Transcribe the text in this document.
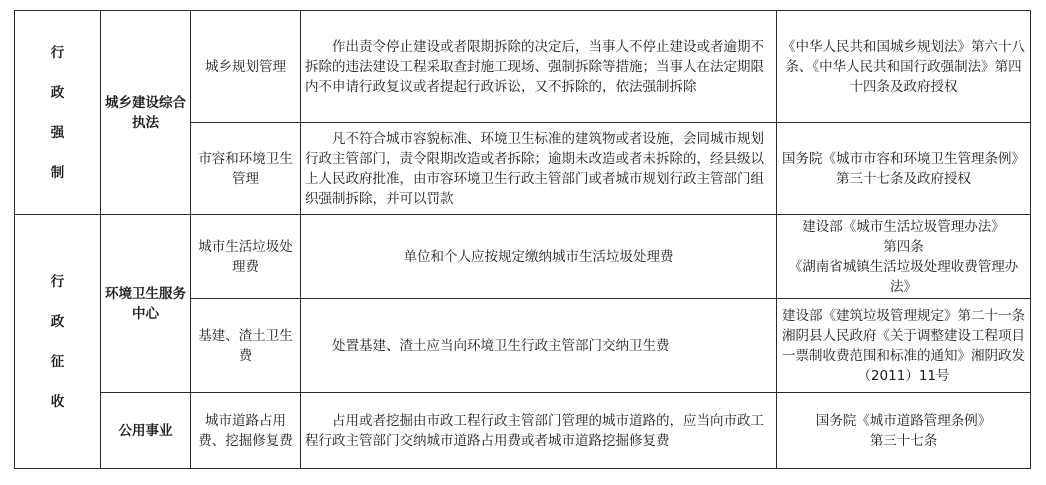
行
政
强
制	城乡建设综合执法	城乡规划管理	作出责令停止建设或者限期拆除的决定后，当事人不停止建设或者逾期不拆除的违法建设工程采取查封施工现场、强制拆除等措施；当事人在法定期限内不申请行政复议或者提起行政诉讼，又不拆除的，依法强制拆除	《中华人民共和国城乡规划法》第六十八条、《中华人民共和国行政强制法》第四十四条及政府授权

		市容和环境卫生管理	凡不符合城市容貌标准、环境卫生标准的建筑物或者设施，会同城市规划行政主管部门，责令限期改造或者拆除；逾期未改造或者未拆除的，经县级以上人民政府批准，由市容环境卫生行政主管部门或者城市规划行政主管部门组织强制拆除，并可以罚款	国务院《城市市容和环境卫生管理条例》第三十七条及政府授权

行
政
征
收	环境卫生服务中心	城市生活垃圾处理费	单位和个人应按规定缴纳城市生活垃圾处理费	建设部《城市生活垃圾管理办法》
第四条
《湖南省城镇生活垃圾处理收费管理办法》

		基建、渣土卫生费	处置基建、渣土应当向环境卫生行政主管部门交纳卫生费	建设部《建筑垃圾管理规定》第二十一条
湘阴县人民政府《关于调整建设工程项目一票制收费范围和标准的通知》湘阴政发（2011）11号

	公用事业	城市道路占用费、挖掘修复费	占用或者挖掘由市政工程行政主管部门管理的城市道路的，应当向市政工程行政主管部门交纳城市道路占用费或者城市道路挖掘修复费	国务院《城市道路管理条例》
第三十七条
